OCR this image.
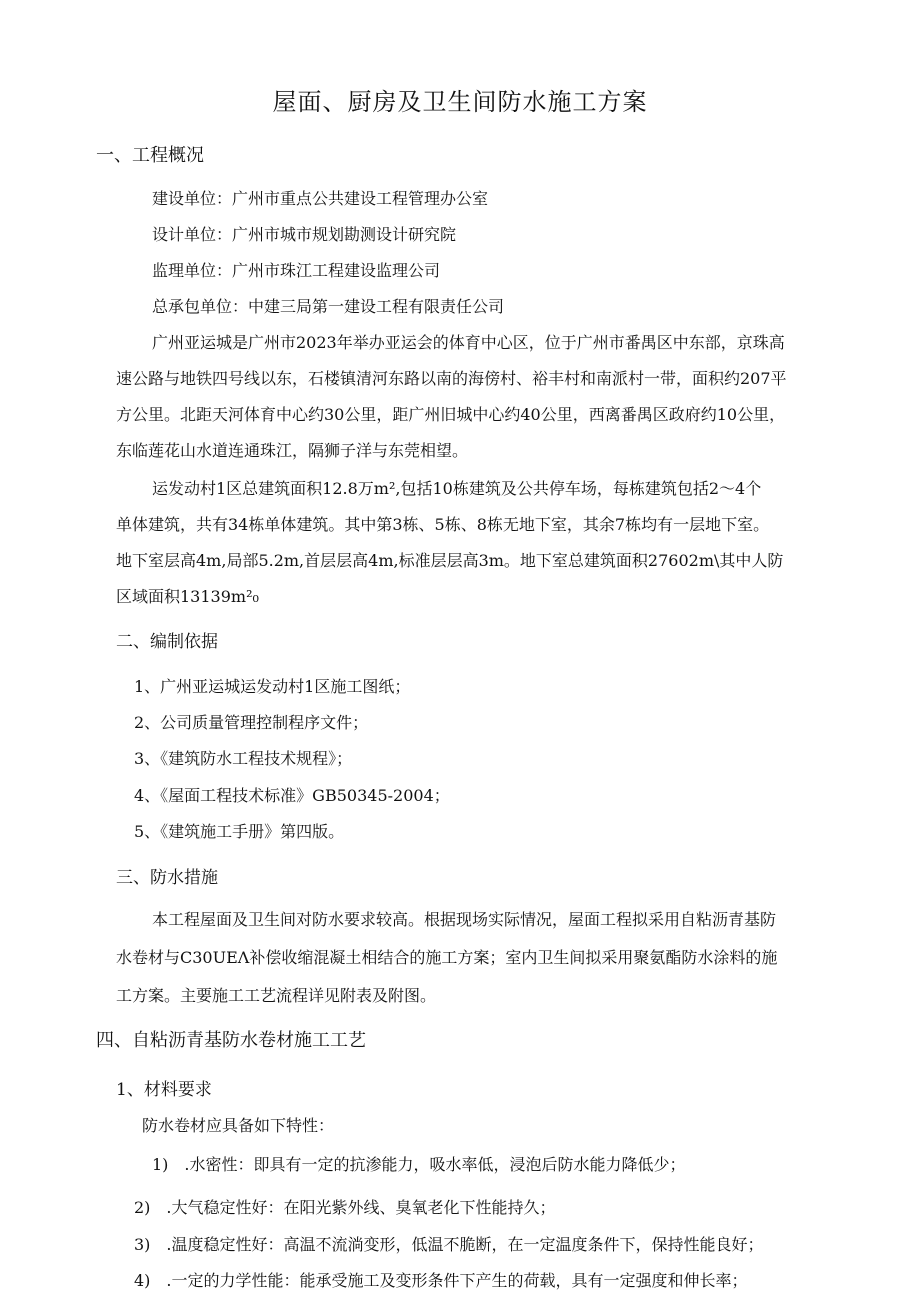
屋面、厨房及卫生间防水施工方案

一、工程概况

建设单位：广州市重点公共建设工程管理办公室

设计单位：广州市城市规划勘测设计研究院

监理单位：广州市珠江工程建设监理公司

总承包单位：中建三局第一建设工程有限责任公司

广州亚运城是广州市2023年举办亚运会的体育中心区，位于广州市番禺区中东部，京珠高

速公路与地铁四号线以东，石楼镇清河东路以南的海傍村、裕丰村和南派村一带，面积约207平

方公里。北距天河体育中心约30公里，距广州旧城中心约40公里，西离番禺区政府约10公里，

东临莲花山水道连通珠江，隔狮子洋与东莞相望。

运发动村1区总建筑面积12.8万m²,包括10栋建筑及公共停车场，每栋建筑包括2～4个

单体建筑，共有34栋单体建筑。其中第3栋、5栋、8栋无地下室，其余7栋均有一层地下室。

地下室层高4m,局部5.2m,首层层高4m,标准层层高3m。地下室总建筑面积27602m\其中人防

区域面积13139m²₀

二、编制依据

1、广州亚运城运发动村1区施工图纸；

2、公司质量管理控制程序文件；

3、《建筑防水工程技术规程》；

4、《屋面工程技术标准》GB50345-2004；

5、《建筑施工手册》第四版。

三、防水措施

本工程屋面及卫生间对防水要求较高。根据现场实际情况，屋面工程拟采用自粘沥青基防

水卷材与C30UEΛ补偿收缩混凝土相结合的施工方案；室内卫生间拟采用聚氨酯防水涂料的施

工方案。主要施工工艺流程详见附表及附图。

四、自粘沥青基防水卷材施工工艺

1、材料要求

防水卷材应具备如下特性：

1)　.水密性：即具有一定的抗渗能力，吸水率低，浸泡后防水能力降低少；

2)　.大气稳定性好：在阳光紫外线、臭氧老化下性能持久；

3)　.温度稳定性好：高温不流淌变形，低温不脆断，在一定温度条件下，保持性能良好；

4)　.一定的力学性能：能承受施工及变形条件下产生的荷载，具有一定强度和伸长率；
